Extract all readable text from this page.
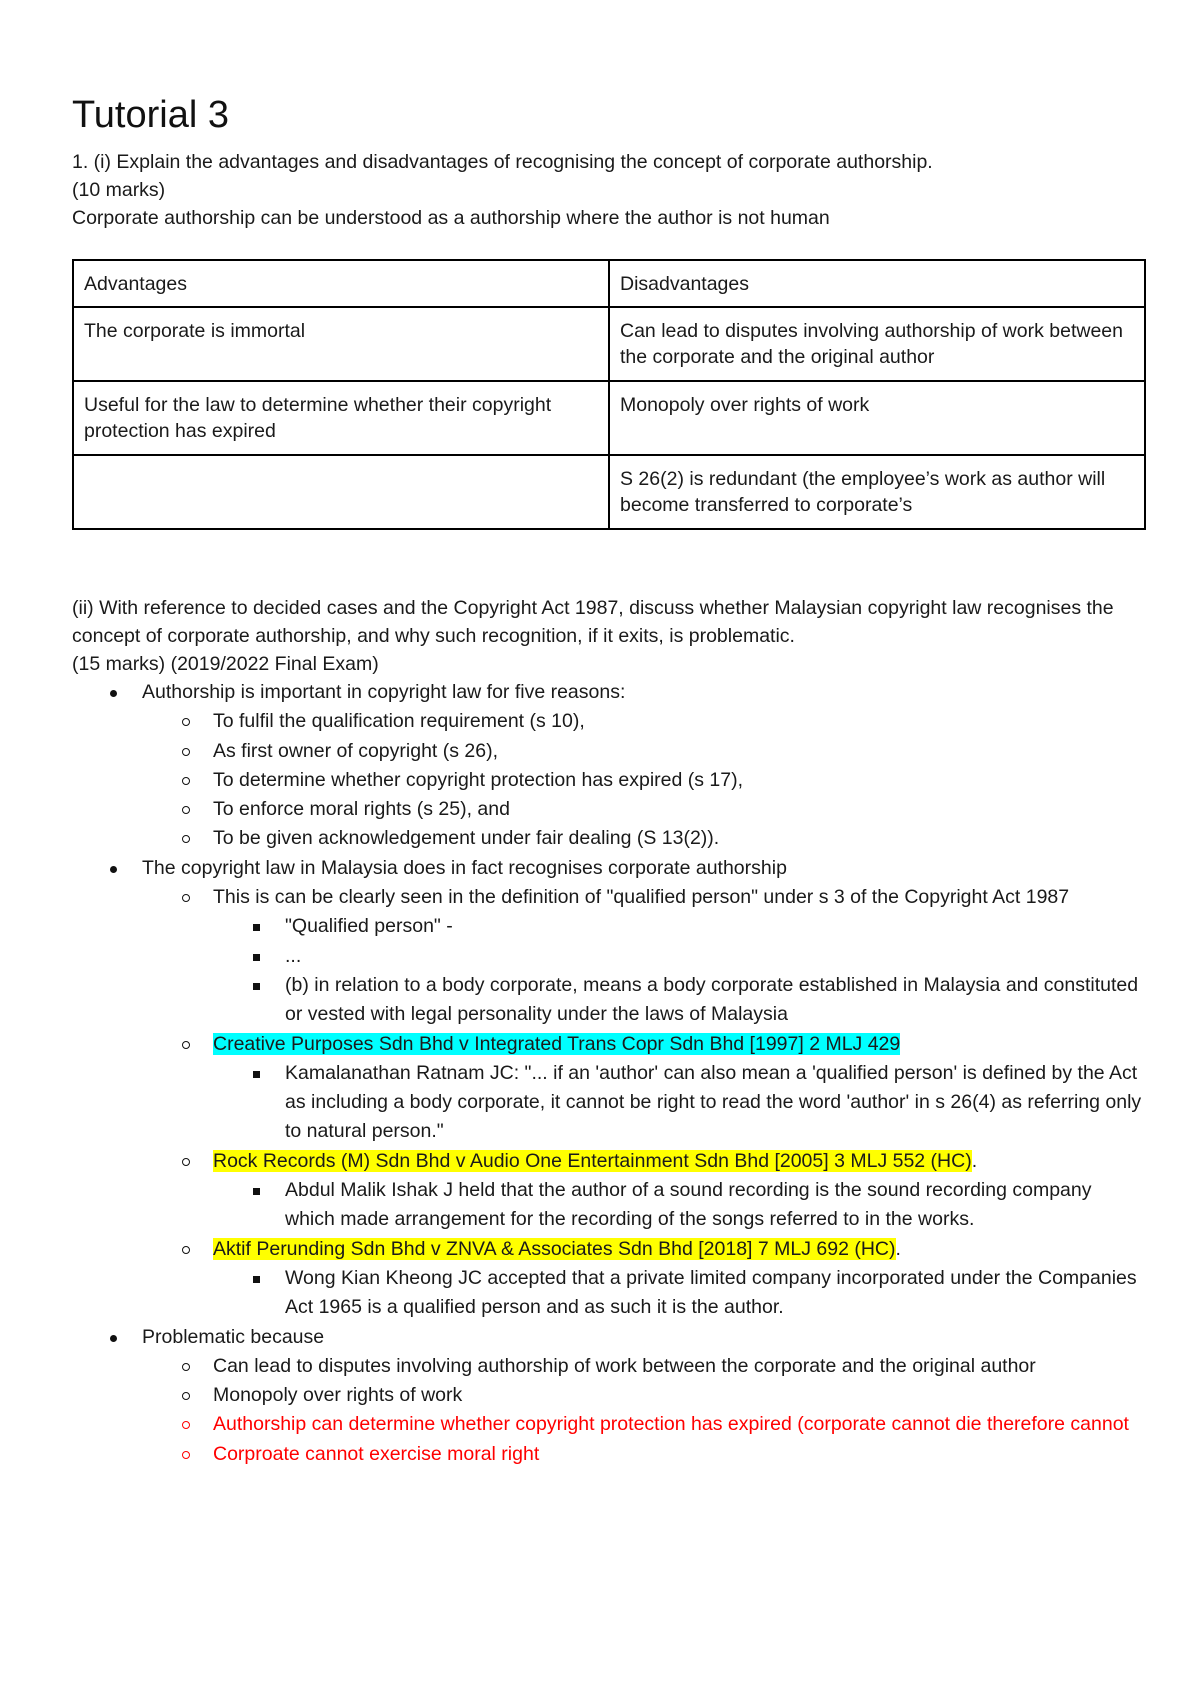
Tutorial 3

1. (i) Explain the advantages and disadvantages of recognising the concept of corporate authorship.

(10 marks)

Corporate authorship can be understood as a authorship where the author is not human

Advantages	Disadvantages
The corporate is immortal	Can lead to disputes involving authorship of work between the corporate and the original author
Useful for the law to determine whether their copyright protection has expired	Monopoly over rights of work
	S 26(2) is redundant (the employee’s work as author will become transferred to corporate’s

(ii) With reference to decided cases and the Copyright Act 1987, discuss whether Malaysian copyright law recognises the concept of corporate authorship, and why such recognition, if it exits, is problematic.

(15 marks) (2019/2022 Final Exam)

Authorship is important in copyright law for five reasons:
To fulfil the qualification requirement (s 10),
As first owner of copyright (s 26),
To determine whether copyright protection has expired (s 17),
To enforce moral rights (s 25), and
To be given acknowledgement under fair dealing (S 13(2)).
The copyright law in Malaysia does in fact recognises corporate authorship
This is can be clearly seen in the definition of "qualified person" under s 3 of the Copyright Act 1987
"Qualified person" -
...
(b) in relation to a body corporate, means a body corporate established in Malaysia and constituted or vested with legal personality under the laws of Malaysia
Creative Purposes Sdn Bhd v Integrated Trans Copr Sdn Bhd [1997] 2 MLJ 429
Kamalanathan Ratnam JC: "... if an 'author' can also mean a 'qualified person' is defined by the Act as including a body corporate, it cannot be right to read the word 'author' in s 26(4) as referring only to natural person."
Rock Records (M) Sdn Bhd v Audio One Entertainment Sdn Bhd [2005] 3 MLJ 552 (HC).
Abdul Malik Ishak J held that the author of a sound recording is the sound recording company which made arrangement for the recording of the songs referred to in the works.
Aktif Perunding Sdn Bhd v ZNVA & Associates Sdn Bhd [2018] 7 MLJ 692 (HC).
Wong Kian Kheong JC accepted that a private limited company incorporated under the Companies Act 1965 is a qualified person and as such it is the author.
Problematic because
Can lead to disputes involving authorship of work between the corporate and the original author
Monopoly over rights of work
Authorship can determine whether copyright protection has expired (corporate cannot die therefore cannot
Corproate cannot exercise moral right
